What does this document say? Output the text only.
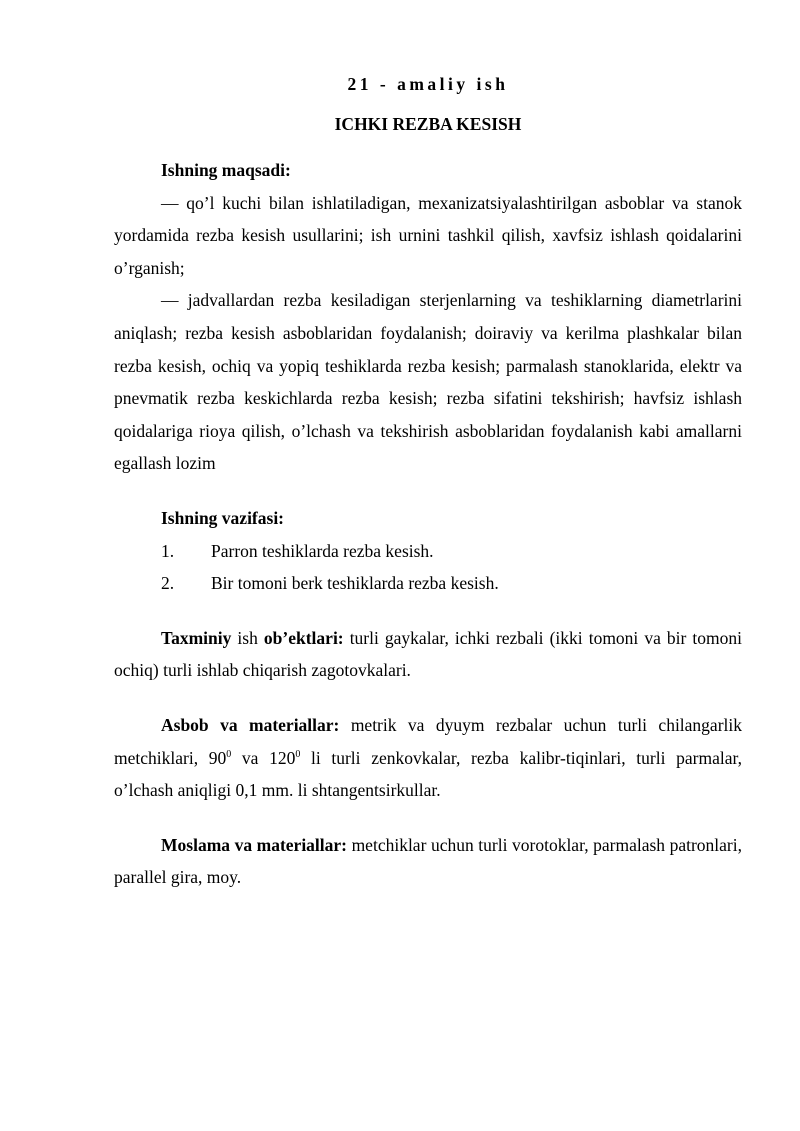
21 - amaliy ish
ICHKI REZBA KESISH

Ishning maqsadi:

— qo’l kuchi bilan ishlatiladigan, mexanizatsiyalashtirilgan asboblar va stanok yordamida rezba kesish usullarini; ish urnini tashkil qilish, xavfsiz ishlash qoidalarini o’rganish;

— jadvallardan rezba kesiladigan sterjenlarning va teshiklarning diametrlarini aniqlash; rezba kesish asboblaridan foydalanish; doiraviy va kerilma plashkalar bilan rezba kesish, ochiq va yopiq teshiklarda rezba kesish; parmalash stanoklarida, elektr va pnevmatik rezba keskichlarda rezba kesish; rezba sifatini tekshirish; havfsiz ishlash qoidalariga rioya qilish, o’lchash va tekshirish asboblaridan foydalanish kabi amallarni egallash lozim

Ishning vazifasi:

1.	Parron teshiklarda rezba kesish.
2.	Bir tomoni berk teshiklarda rezba kesish.

Taxminiy ish ob’ektlari: turli gaykalar, ichki rezbali (ikki tomoni va bir tomoni ochiq) turli ishlab chiqarish zagotovkalari.

Asbob va materiallar: metrik va dyuym rezbalar uchun turli chilangarlik metchiklari, $90^0$ va $120^0$ li turli zenkovkalar, rezba kalibr-tiqinlari, turli parmalar, o’lchash aniqligi 0,1 mm. li shtangentsirkullar.

Moslama va materiallar: metchiklar uchun turli vorotoklar, parmalash patronlari, parallel gira, moy.
